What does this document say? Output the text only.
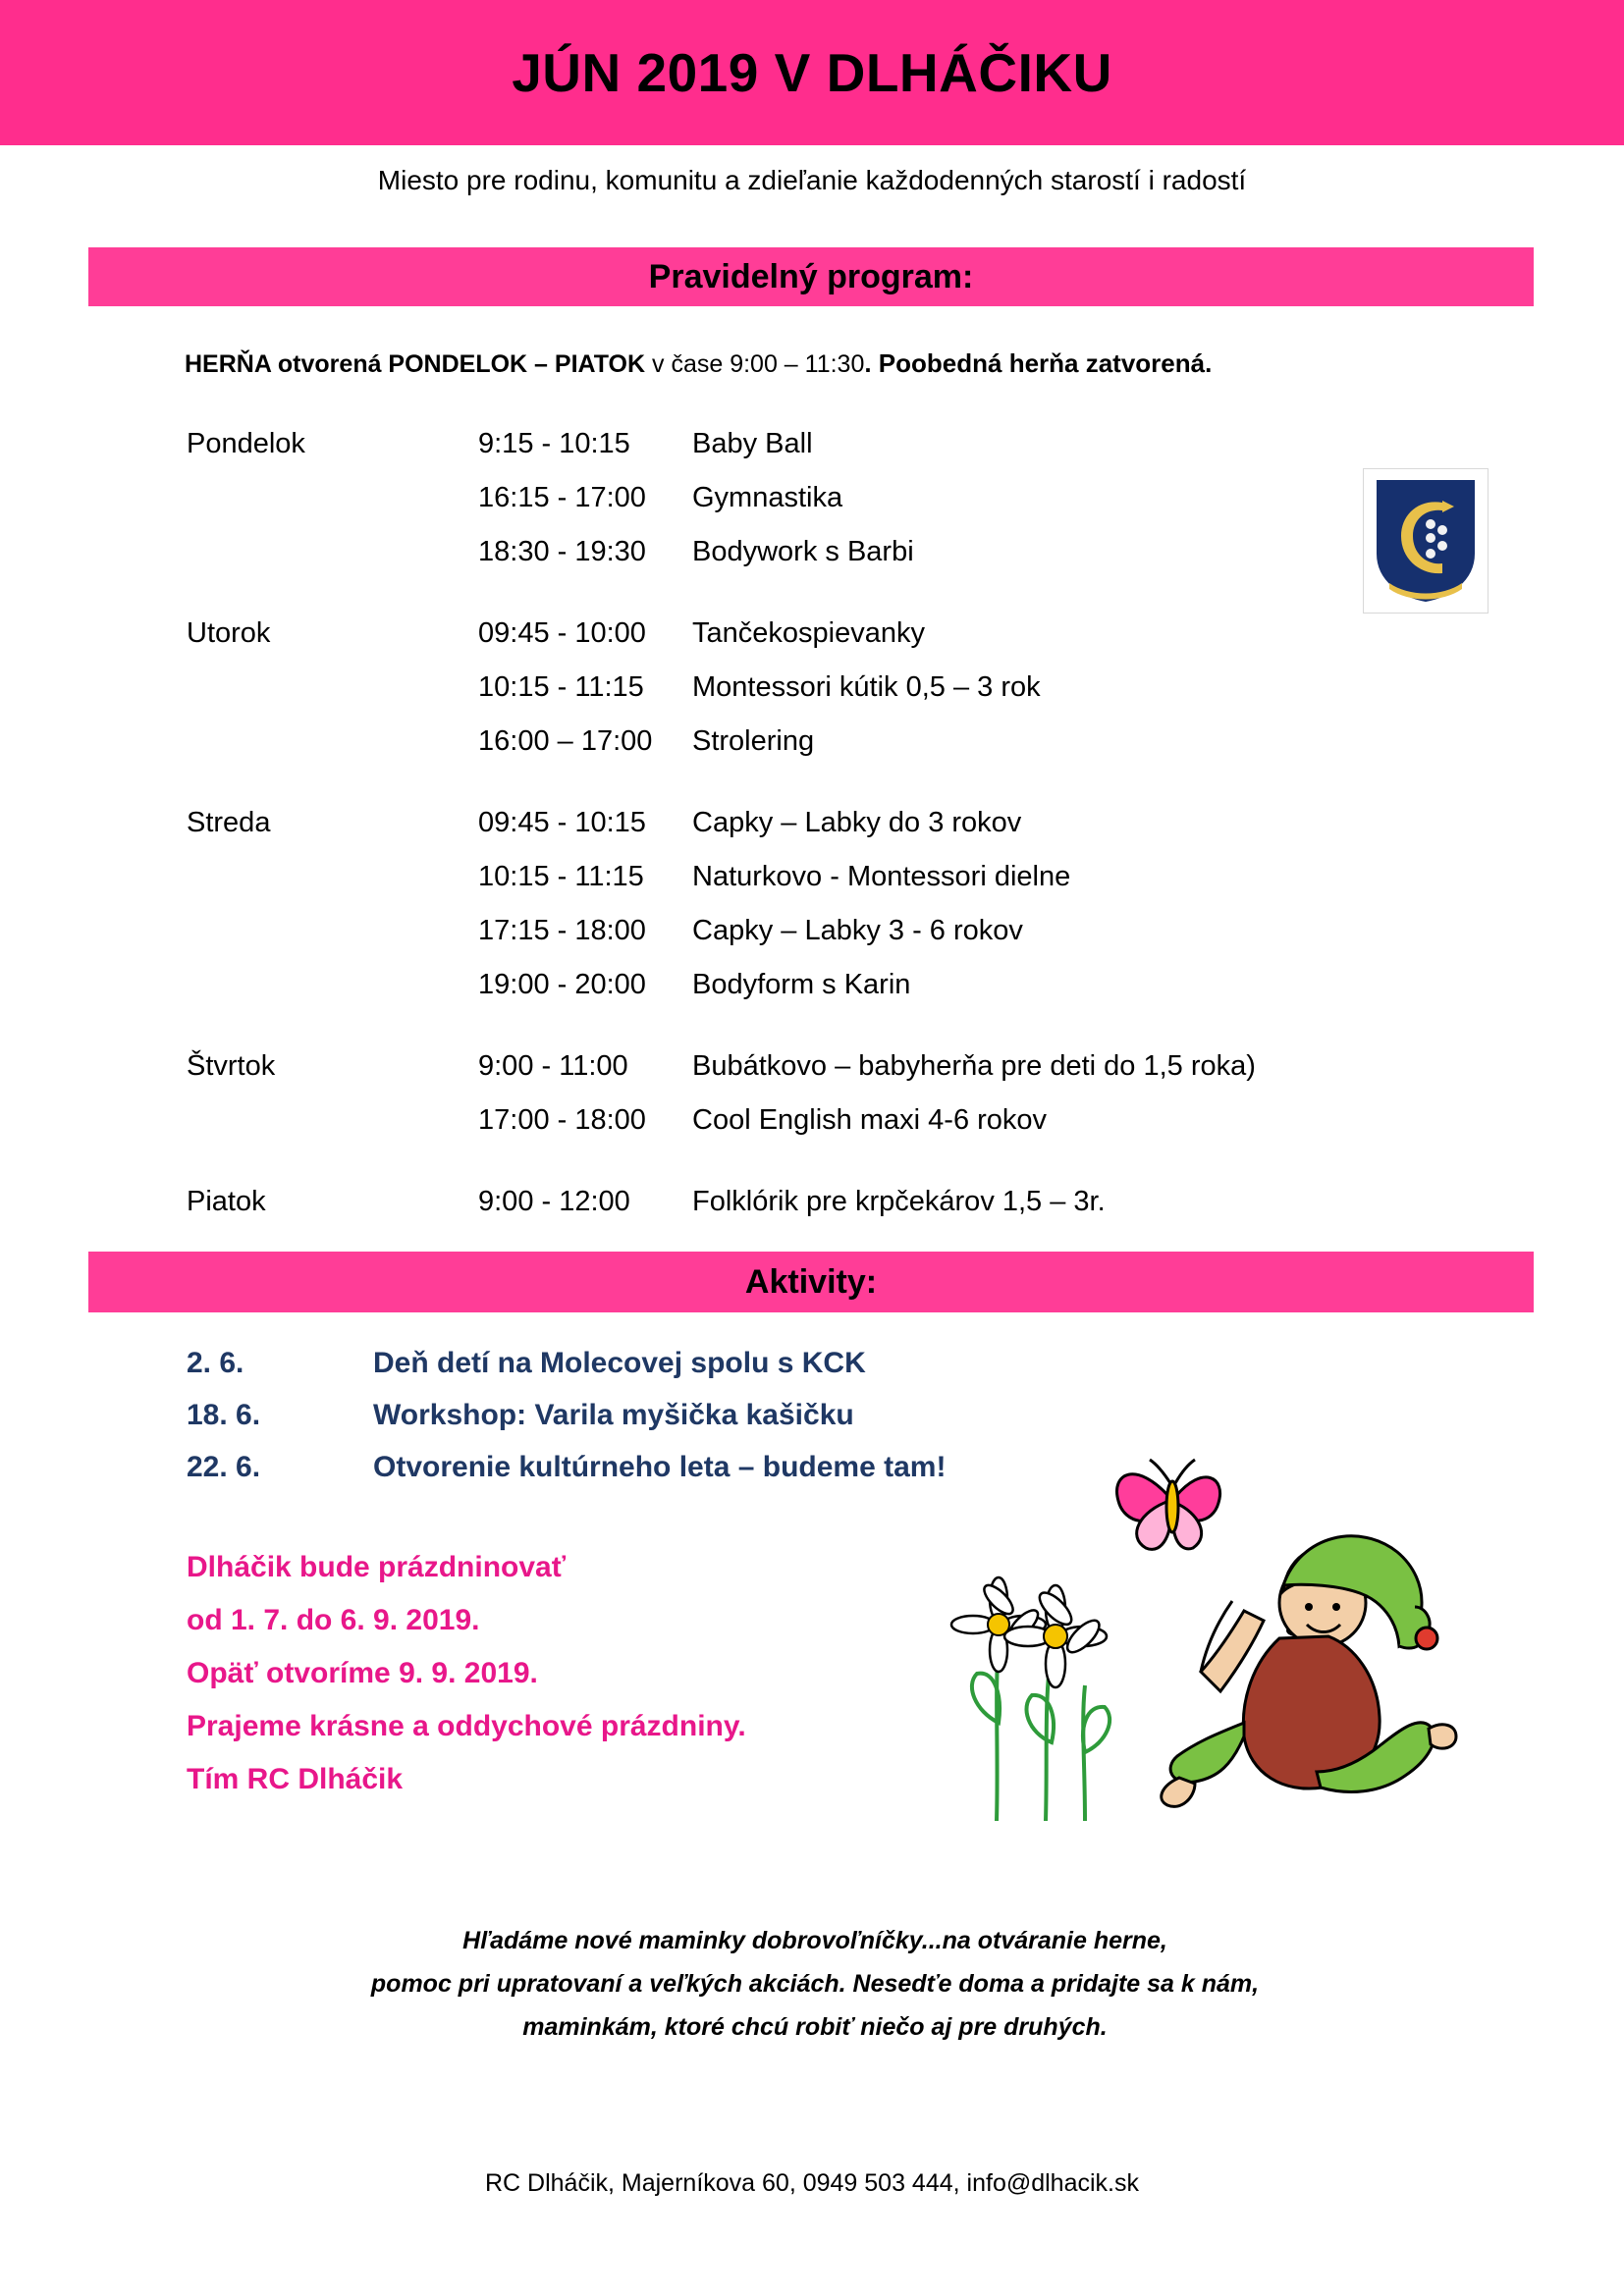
JÚN 2019 V DLHÁČIKU
Miesto pre rodinu, komunitu a zdieľanie každodenných starostí i radostí
Pravidelný program:
HERŇA otvorená PONDELOK – PIATOK v čase 9:00 – 11:30. Poobedná herňa zatvorená.
Pondelok	9:15 - 10:15	Baby Ball
16:15 - 17:00	Gymnastika
18:30 - 19:30	Bodywork s Barbi
Utorok	09:45 - 10:00	Tančekospievanky
10:15 - 11:15	Montessori kútik 0,5 – 3 rok
16:00 – 17:00	Strolering
Streda	09:45 - 10:15	Capky – Labky do 3 rokov
10:15 - 11:15	Naturkovo - Montessori dielne
17:15 - 18:00	Capky – Labky 3 - 6 rokov
19:00 - 20:00	Bodyform s Karin
Štvrtok	9:00 - 11:00	Bubátkovo – babyherňa pre deti do 1,5 roka)
17:00 - 18:00	Cool English maxi 4-6 rokov
Piatok	9:00 - 12:00	Folklórik pre krpčekárov 1,5 – 3r.
Aktivity:
2. 6.	Deň detí na Molecovej spolu s KCK
18. 6.	Workshop: Varila myšička kašičku
22. 6.	Otvorenie kultúrneho leta – budeme tam!
Dlháčik bude prázdninovať
od 1. 7. do 6. 9. 2019.
Opäť otvoríme 9. 9. 2019.
Prajeme krásne a oddychové prázdniny.
Tím RC Dlháčik
Hľadáme nové maminky dobrovoľníčky...na otváranie herne,
pomoc pri upratovaní a veľkých akciách. Nesedťe doma a pridajte sa k nám,
maminkám, ktoré chcú robiť niečo aj pre druhých.
RC Dlháčik, Majerníkova 60, 0949 503 444, info@dlhacik.sk
